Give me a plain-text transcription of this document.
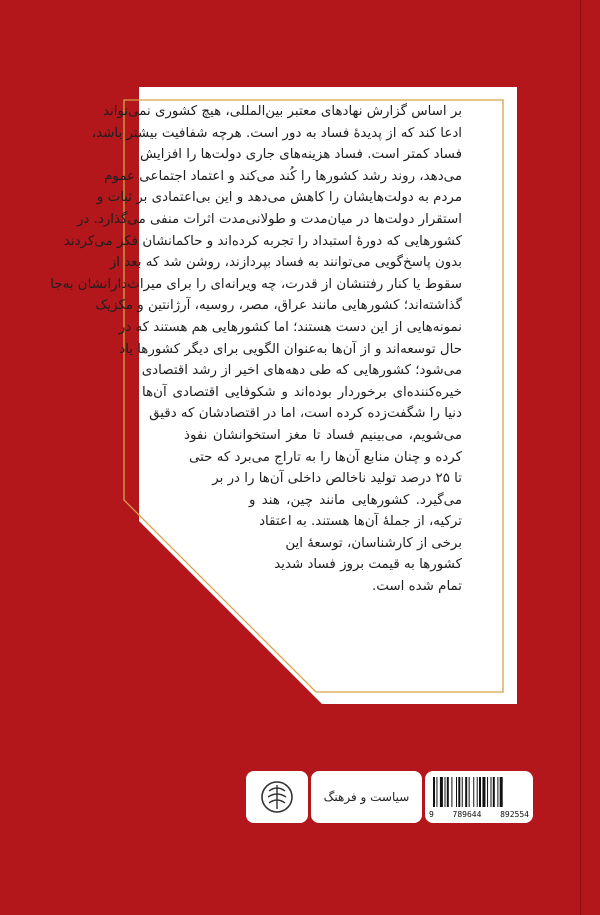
بر اساس گزارش نهادهای معتبر بین‌المللی، هیچ کشوری نمی‌تواند
ادعا کند که از پدیدهٔ فساد به دور است. هرچه شفافیت بیشتر باشد،
فساد کمتر است. فساد هزینه‌های جاری دولت‌ها را افزایش
می‌دهد، روند رشد کشورها را کُند می‌کند و اعتماد اجتماعی عموم
مردم به دولت‌هایشان را کاهش می‌دهد و این بی‌اعتمادی بر ثبات و
استقرار دولت‌ها در میان‌مدت و طولانی‌مدت اثرات منفی می‌گذارد. در
کشورهایی که دورهٔ استبداد را تجربه کرده‌اند و حاکمانشان فکر می‌کردند
بدون پاسخ‌گویی می‌توانند به فساد بپردازند، روشن شد که بعد از
سقوط یا کنار رفتنشان از قدرت، چه ویرانه‌ای را برای میراث‌دارانشان به‌جا
گذاشته‌اند؛ کشورهایی مانند عراق، مصر، روسیه، آرژانتین و مکزیک
نمونه‌هایی از این دست هستند؛ اما کشورهایی هم هستند که در
حال توسعه‌اند و از آن‌ها به‌عنوان الگویی برای دیگر کشورها یاد
می‌شود؛ کشورهایی که طی دهه‌های اخیر از رشد اقتصادی
خیره‌کننده‌ای برخوردار بوده‌اند و شکوفایی اقتصادی آن‌ها
دنیا را شگفت‌زده کرده است، اما در اقتصادشان که دقیق
می‌شویم، می‌بینیم فساد تا مغز استخوانشان نفوذ
کرده و چنان منابع آن‌ها را به تاراج می‌برد که حتی
تا ۲۵ درصد تولید ناخالص داخلی آن‌ها را در بر
می‌گیرد. کشورهایی مانند چین، هند و
ترکیه، از جملهٔ آن‌ها هستند. به اعتقاد
برخی از کارشناسان، توسعهٔ این
کشورها به قیمت بروز فساد شدید
تمام شده است.
سیاست و فرهنگ
9 789644 892554
